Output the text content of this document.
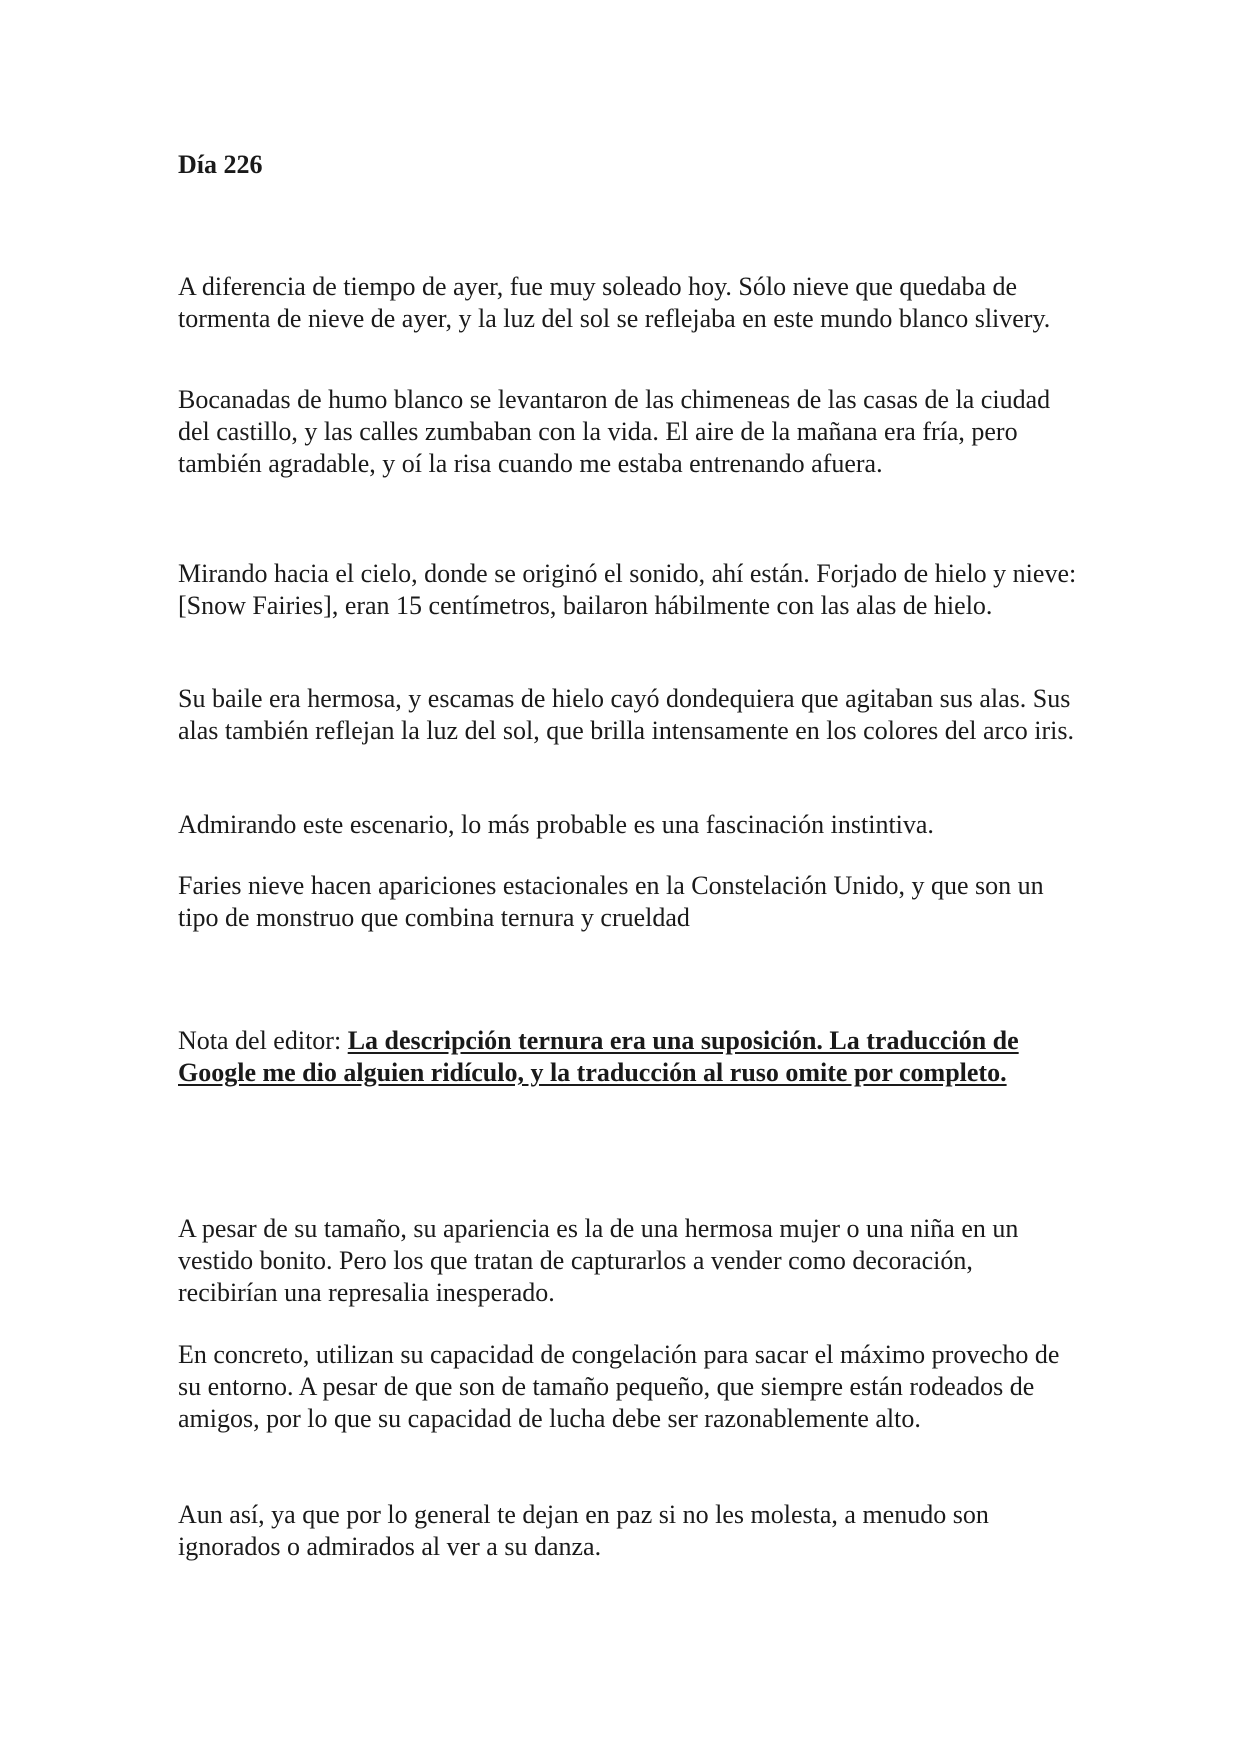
Día 226

A diferencia de tiempo de ayer, fue muy soleado hoy. Sólo nieve que quedaba de tormenta de nieve de ayer, y la luz del sol se reflejaba en este mundo blanco slivery.

Bocanadas de humo blanco se levantaron de las chimeneas de las casas de la ciudad del castillo, y las calles zumbaban con la vida. El aire de la mañana era fría, pero también agradable, y oí la risa cuando me estaba entrenando afuera.

Mirando hacia el cielo, donde se originó el sonido, ahí están. Forjado de hielo y nieve: [Snow Fairies], eran 15 centímetros, bailaron hábilmente con las alas de hielo.

Su baile era hermosa, y escamas de hielo cayó dondequiera que agitaban sus alas. Sus alas también reflejan la luz del sol, que brilla intensamente en los colores del arco iris.

Admirando este escenario, lo más probable es una fascinación instintiva.

Faries nieve hacen apariciones estacionales en la Constelación Unido, y que son un tipo de monstruo que combina ternura y crueldad

Nota del editor: La descripción ternura era una suposición. La traducción de Google me dio alguien ridículo, y la traducción al ruso omite por completo.

A pesar de su tamaño, su apariencia es la de una hermosa mujer o una niña en un vestido bonito. Pero los que tratan de capturarlos a vender como decoración, recibirían una represalia inesperado.

En concreto, utilizan su capacidad de congelación para sacar el máximo provecho de su entorno. A pesar de que son de tamaño pequeño, que siempre están rodeados de amigos, por lo que su capacidad de lucha debe ser razonablemente alto.

Aun así, ya que por lo general te dejan en paz si no les molesta, a menudo son ignorados o admirados al ver a su danza.
